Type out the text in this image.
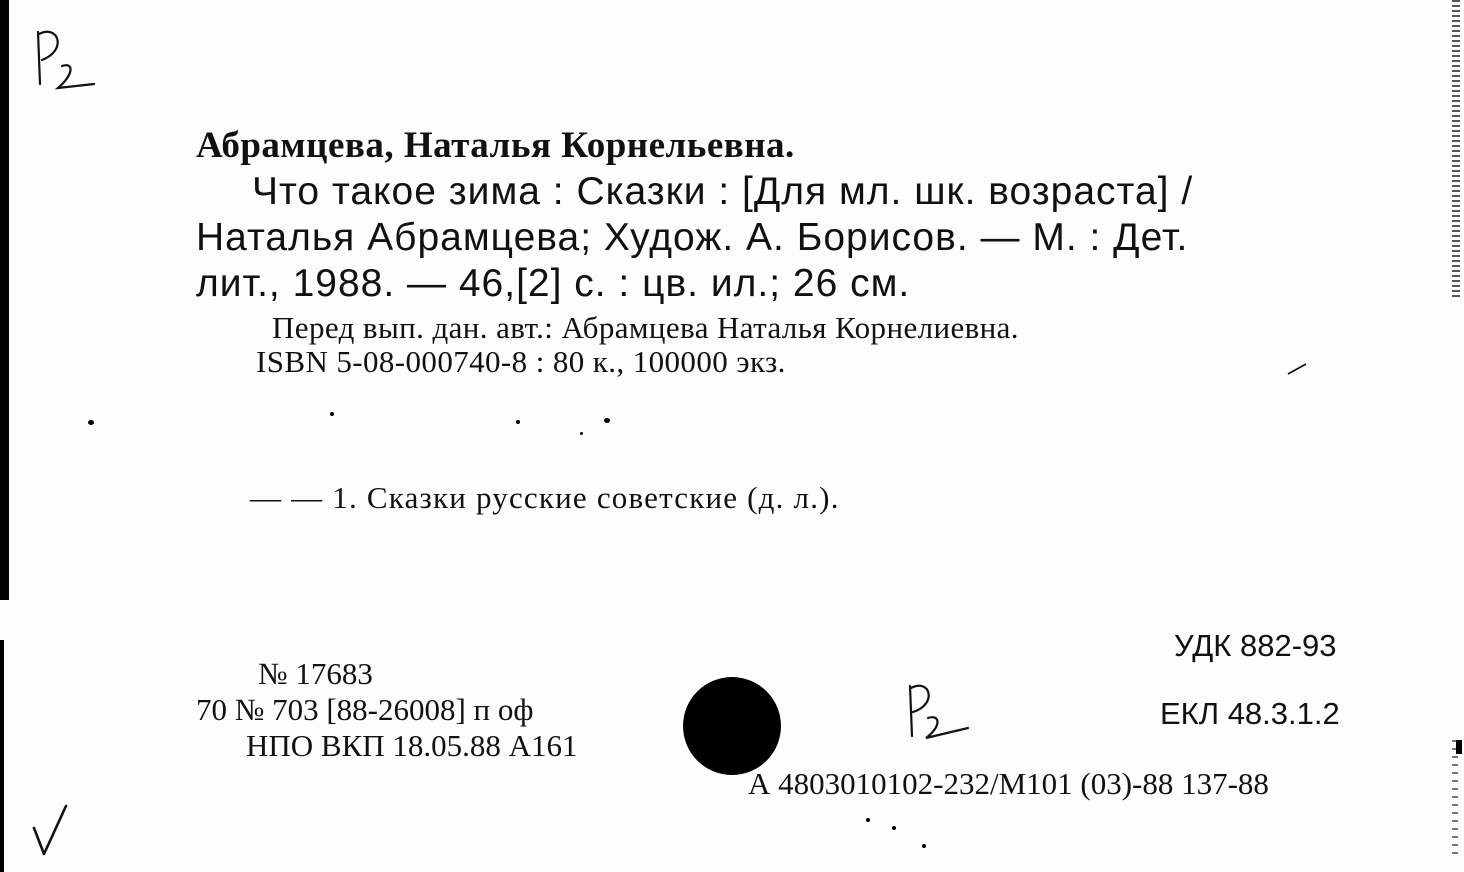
Абрамцева, Наталья Корнельевна.
Что такое зима : Сказки : [Для мл. шк. возраста] /
Наталья Абрамцева; Худож. А. Борисов. — М. : Дет.
лит., 1988. — 46,[2] с. : цв. ил.; 26 см.
Перед вып. дан. авт.: Абрамцева Наталья Корнелиевна.
ISBN 5-08-000740-8 : 80 к., 100000 экз.
— — 1. Сказки русские советские (д. л.).
УДК 882-93
№ 17683
70 № 703 [88-26008] п оф	ЕКЛ 48.3.1.2
НПО ВКП 18.05.88 А161
А 4803010102-232/М101 (03)-88 137-88
